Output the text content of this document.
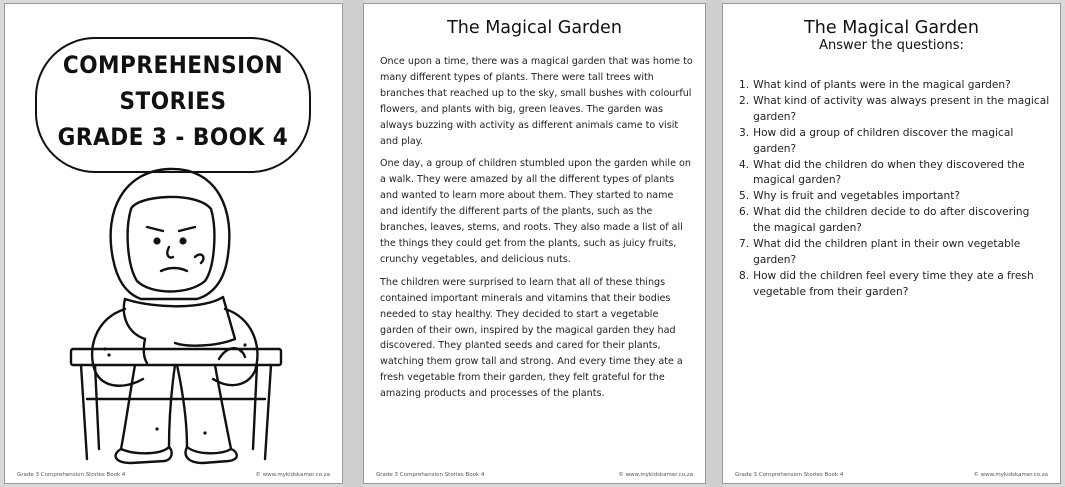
COMPREHENSION
STORIES
GRADE 3 - BOOK 4
Grade 3 Comprehension Stories Book 4	© www.mykidskamer.co.za
The Magical Garden

Once upon a time, there was a magical garden that was home to many different types of plants. There were tall trees with branches that reached up to the sky, small bushes with colourful flowers, and plants with big, green leaves. The garden was always buzzing with activity as different animals came to visit and play.

One day, a group of children stumbled upon the garden while on a walk. They were amazed by all the different types of plants and wanted to learn more about them. They started to name and identify the different parts of the plants, such as the branches, leaves, stems, and roots. They also made a list of all the things they could get from the plants, such as juicy fruits, crunchy vegetables, and delicious nuts.

The children were surprised to learn that all of these things contained important minerals and vitamins that their bodies needed to stay healthy. They decided to start a vegetable garden of their own, inspired by the magical garden they had discovered. They planted seeds and cared for their plants, watching them grow tall and strong. And every time they ate a fresh vegetable from their garden, they felt grateful for the amazing products and processes of the plants.

Grade 3 Comprehension Stories Book 4	© www.mykidskamer.co.za
The Magical Garden
Answer the questions:
1. What kind of plants were in the magical garden?
2. What kind of activity was always present in the magical garden?
3. How did a group of children discover the magical garden?
4. What did the children do when they discovered the magical garden?
5. Why is fruit and vegetables important?
6. What did the children decide to do after discovering the magical garden?
7. What did the children plant in their own vegetable garden?
8. How did the children feel every time they ate a fresh vegetable from their garden?
Grade 3 Comprehension Stories Book 4	© www.mykidskamer.co.za
